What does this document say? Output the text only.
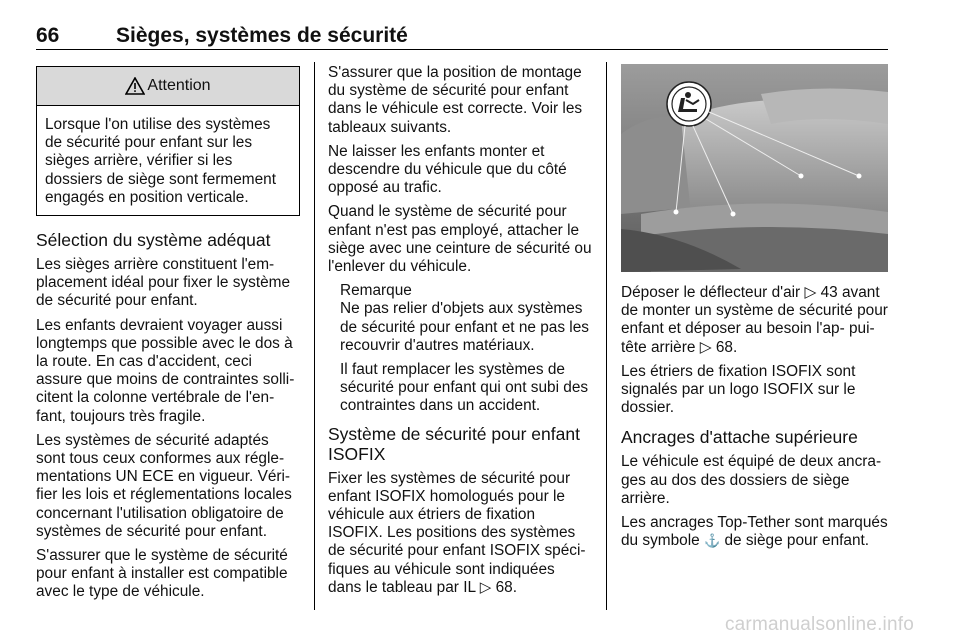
66	Sièges, systèmes de sécurité
Attention

Lorsque l'on utilise des systèmes de sécurité pour enfant sur les sièges arrière, vérifier si les dossiers de siège sont fermement engagés en position verticale.

Sélection du système adéquat

Les sièges arrière constituent l'em‐ placement idéal pour fixer le système de sécurité pour enfant.

Les enfants devraient voyager aussi longtemps que possible avec le dos à la route. En cas d'accident, ceci assure que moins de contraintes solli‐ citent la colonne vertébrale de l'en‐ fant, toujours très fragile.

Les systèmes de sécurité adaptés sont tous ceux conformes aux régle‐ mentations UN ECE en vigueur. Véri‐ fier les lois et réglementations locales concernant l'utilisation obligatoire de systèmes de sécurité pour enfant.

S'assurer que le système de sécurité pour enfant à installer est compatible avec le type de véhicule.

S'assurer que la position de montage du système de sécurité pour enfant dans le véhicule est correcte. Voir les tableaux suivants.

Ne laisser les enfants monter et descendre du véhicule que du côté opposé au trafic.

Quand le système de sécurité pour enfant n'est pas employé, attacher le siège avec une ceinture de sécurité ou l'enlever du véhicule.

Remarque

Ne pas relier d'objets aux systèmes de sécurité pour enfant et ne pas les recouvrir d'autres matériaux.

Il faut remplacer les systèmes de sécurité pour enfant qui ont subi des contraintes dans un accident.

Système de sécurité pour enfant ISOFIX

Fixer les systèmes de sécurité pour enfant ISOFIX homologués pour le véhicule aux étriers de fixation ISOFIX. Les positions des systèmes de sécurité pour enfant ISOFIX spéci‐ fiques au véhicule sont indiquées dans le tableau par IL ▷ 68.

Déposer le déflecteur d'air ▷ 43 avant de monter un système de sécurité pour enfant et déposer au besoin l'ap‐ pui-tête arrière ▷ 68.

Les étriers de fixation ISOFIX sont signalés par un logo ISOFIX sur le dossier.

Ancrages d'attache supérieure

Le véhicule est équipé de deux ancra‐ ges au dos des dossiers de siège arrière.

Les ancrages Top-Tether sont marqués du symbole ⚓ de siège pour enfant.

carmanualsonline.info
